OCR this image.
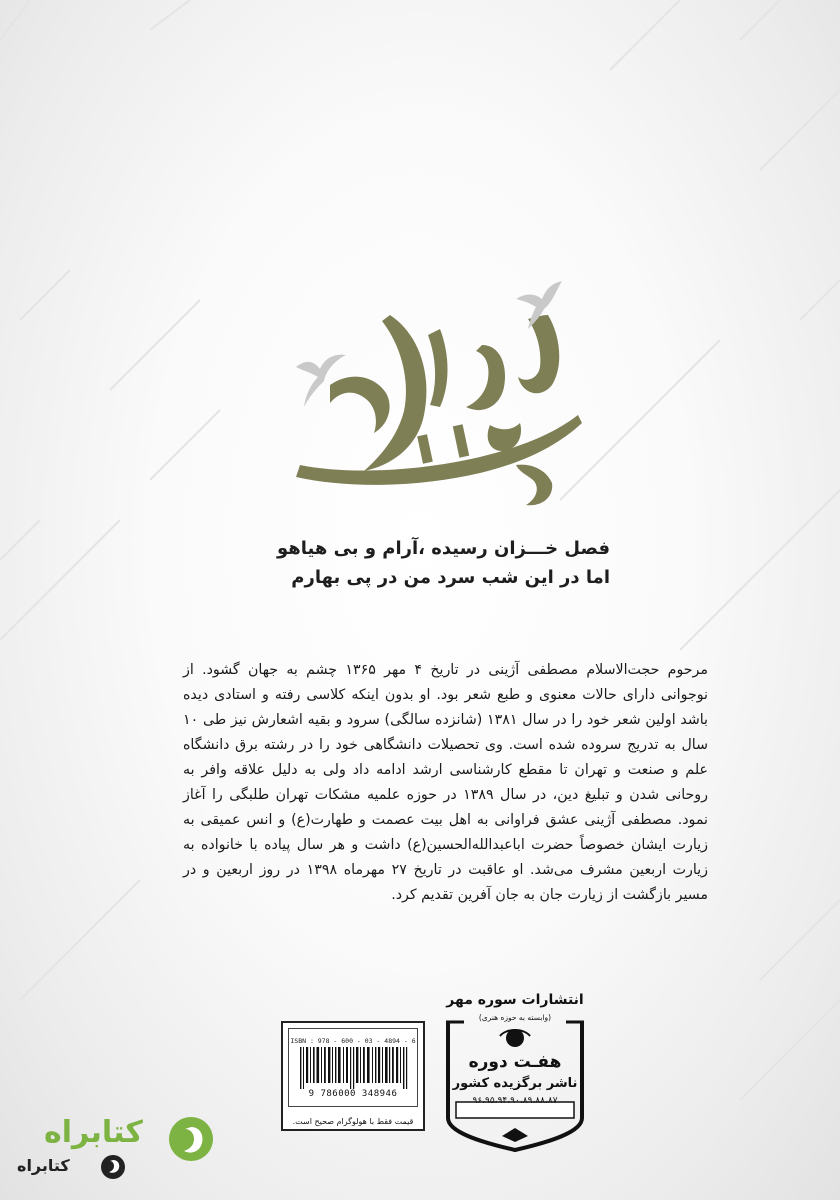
فصل خـــزان رسیده ،آرام و بی هیاهو
اما در این شب سرد من در پی بهارم

مرحوم حجت‌الاسلام مصطفی آژینی در تاریخ ۴ مهر ۱۳۶۵ چشم به جهان گشود. از نوجوانی دارای حالات معنوی و طبع شعر بود. او بدون اینکه کلاسی رفته و استادی دیده باشد اولین شعر خود را در سال ۱۳۸۱ (شانزده سالگی) سرود و بقیه اشعارش نیز طی ۱۰ سال به تدریج سروده شده است. وی تحصیلات دانشگاهی خود را در رشته برق دانشگاه علم و صنعت و تهران تا مقطع کارشناسی ارشد ادامه داد ولی به دلیل علاقه وافر به روحانی شدن و تبلیغ دین، در سال ۱۳۸۹ در حوزه علمیه مشکات تهران طلبگی را آغاز نمود. مصطفی آژینی عشق فراوانی به اهل بیت عصمت و طهارت(ع) و انس عمیقی به زیارت ایشان خصوصاً حضرت اباعبدالله‌الحسین(ع) داشت و هر سال پیاده با خانواده به زیارت اربعین مشرف می‌شد. او عاقبت در تاریخ ۲۷ مهرماه ۱۳۹۸ در روز اربعین و در مسیر بازگشت از زیارت جان به جان آفرین تقدیم کرد.

انتشارات سوره مهر
(وابسته به حوزه هنری)
هفـت دوره
ناشر برگزیده کشور
۹۶،۹۵،۹۴،۹۰،۸۹،۸۸،۸۷
ISBN : 978 - 600 - 03 - 4894 - 6
9 786000 348946
قیمت فقط با هولوگرام صحیح است.
کتابراه
کتابراه
